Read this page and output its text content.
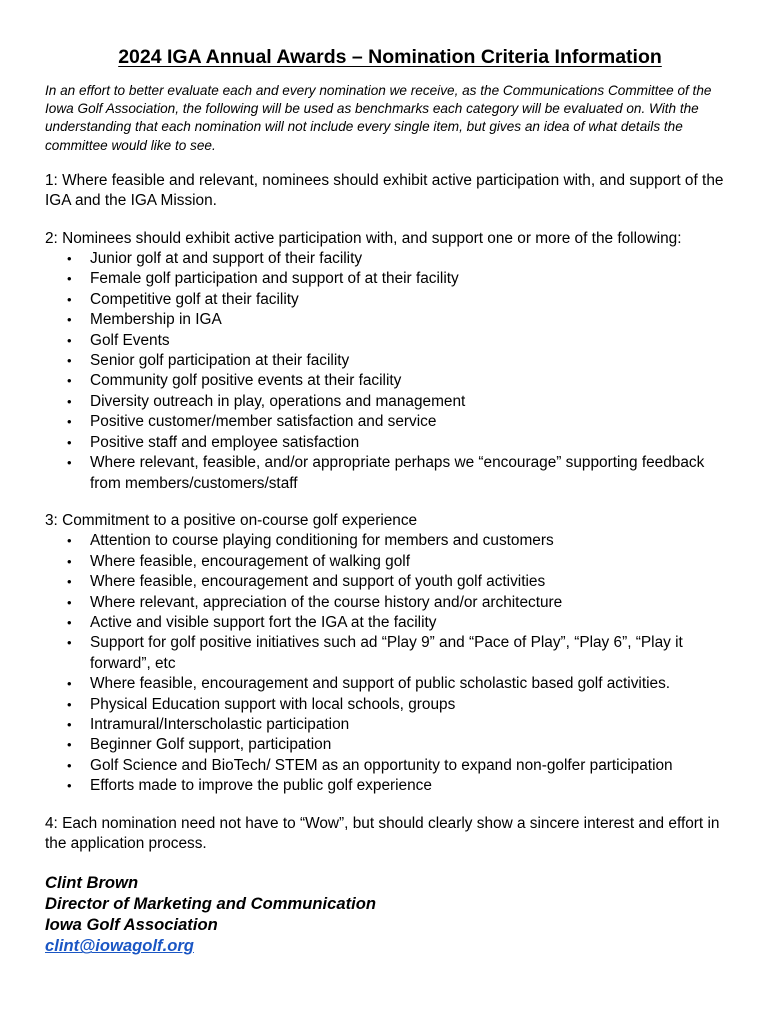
2024 IGA Annual Awards – Nomination Criteria Information

In an effort to better evaluate each and every nomination we receive, as the Communications Committee of the Iowa Golf Association, the following will be used as benchmarks each category will be evaluated on. With the understanding that each nomination will not include every single item, but gives an idea of what details the committee would like to see.

1: Where feasible and relevant, nominees should exhibit active participation with, and support of the IGA and the IGA Mission.

2: Nominees should exhibit active participation with, and support one or more of the following:

• Junior golf at and support of their facility
• Female golf participation and support of at their facility
• Competitive golf at their facility
• Membership in IGA
• Golf Events
• Senior golf participation at their facility
• Community golf positive events at their facility
• Diversity outreach in play, operations and management
• Positive customer/member satisfaction and service
• Positive staff and employee satisfaction
• Where relevant, feasible, and/or appropriate perhaps we “encourage” supporting feedback from members/customers/staff

3: Commitment to a positive on-course golf experience

• Attention to course playing conditioning for members and customers
• Where feasible, encouragement of walking golf
• Where feasible, encouragement and support of youth golf activities
• Where relevant, appreciation of the course history and/or architecture
• Active and visible support fort the IGA at the facility
• Support for golf positive initiatives such ad “Play 9” and “Pace of Play”, “Play 6”, “Play it forward”, etc
• Where feasible, encouragement and support of public scholastic based golf activities.
• Physical Education support with local schools, groups
• Intramural/Interscholastic participation
• Beginner Golf support, participation
• Golf Science and BioTech/ STEM as an opportunity to expand non-golfer participation
• Efforts made to improve the public golf experience

4: Each nomination need not have to “Wow”, but should clearly show a sincere interest and effort in the application process.

Clint Brown
Director of Marketing and Communication
Iowa Golf Association
clint@iowagolf.org
